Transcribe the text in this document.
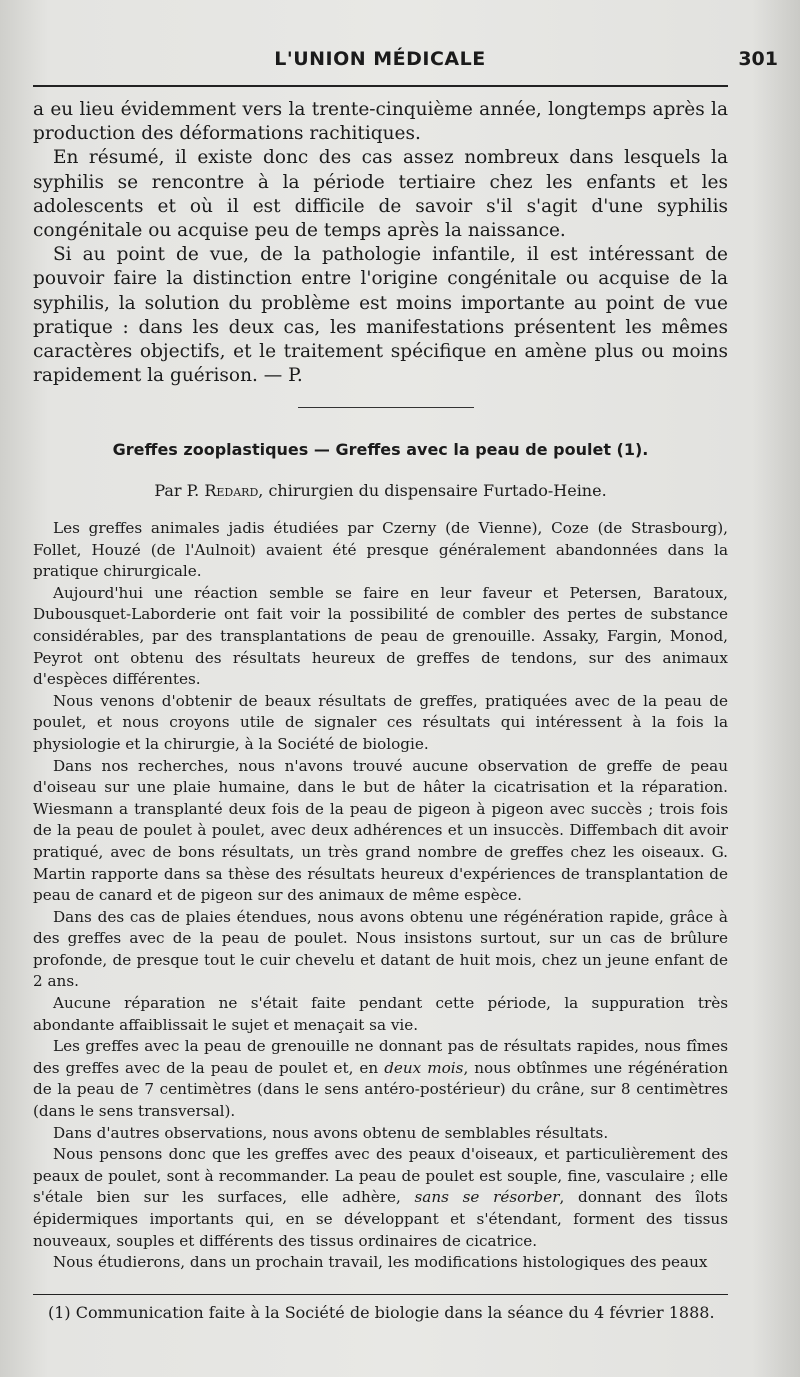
L'UNION MÉDICALE	301

a eu lieu évidemment vers la trente-cinquième année, longtemps après la production des déformations rachitiques.

En résumé, il existe donc des cas assez nombreux dans lesquels la syphilis se rencontre à la période tertiaire chez les enfants et les adolescents et où il est difficile de savoir s'il s'agit d'une syphilis congénitale ou acquise peu de temps après la naissance.

Si au point de vue, de la pathologie infantile, il est intéressant de pouvoir faire la distinction entre l'origine congénitale ou acquise de la syphilis, la solution du problème est moins importante au point de vue pratique : dans les deux cas, les manifestations présentent les mêmes caractères objectifs, et le traitement spécifique en amène plus ou moins rapidement la guérison. — P.

Greffes zooplastiques — Greffes avec la peau de poulet (1).
Par P. Redard, chirurgien du dispensaire Furtado-Heine.

Les greffes animales jadis étudiées par Czerny (de Vienne), Coze (de Strasbourg), Follet, Houzé (de l'Aulnoit) avaient été presque généralement abandonnées dans la pratique chirurgicale.

Aujourd'hui une réaction semble se faire en leur faveur et Petersen, Baratoux, Dubousquet-Laborderie ont fait voir la possibilité de combler des pertes de substance considérables, par des transplantations de peau de grenouille. Assaky, Fargin, Monod, Peyrot ont obtenu des résultats heureux de greffes de tendons, sur des animaux d'espèces différentes.

Nous venons d'obtenir de beaux résultats de greffes, pratiquées avec de la peau de poulet, et nous croyons utile de signaler ces résultats qui intéressent à la fois la physiologie et la chirurgie, à la Société de biologie.

Dans nos recherches, nous n'avons trouvé aucune observation de greffe de peau d'oiseau sur une plaie humaine, dans le but de hâter la cicatrisation et la réparation. Wiesmann a transplanté deux fois de la peau de pigeon à pigeon avec succès ; trois fois de la peau de poulet à poulet, avec deux adhérences et un insuccès. Diffembach dit avoir pratiqué, avec de bons résultats, un très grand nombre de greffes chez les oiseaux. G. Martin rapporte dans sa thèse des résultats heureux d'expériences de transplantation de peau de canard et de pigeon sur des animaux de même espèce.

Dans des cas de plaies étendues, nous avons obtenu une régénération rapide, grâce à des greffes avec de la peau de poulet. Nous insistons surtout, sur un cas de brûlure profonde, de presque tout le cuir chevelu et datant de huit mois, chez un jeune enfant de 2 ans.

Aucune réparation ne s'était faite pendant cette période, la suppuration très abondante affaiblissait le sujet et menaçait sa vie.

Les greffes avec la peau de grenouille ne donnant pas de résultats rapides, nous fîmes des greffes avec de la peau de poulet et, en deux mois, nous obtînmes une régénération de la peau de 7 centimètres (dans le sens antéro-postérieur) du crâne, sur 8 centimètres (dans le sens transversal).

Dans d'autres observations, nous avons obtenu de semblables résultats.

Nous pensons donc que les greffes avec des peaux d'oiseaux, et particulièrement des peaux de poulet, sont à recommander. La peau de poulet est souple, fine, vasculaire ; elle s'étale bien sur les surfaces, elle adhère, sans se résorber, donnant des îlots épidermiques importants qui, en se développant et s'étendant, forment des tissus nouveaux, souples et différents des tissus ordinaires de cicatrice.

Nous étudierons, dans un prochain travail, les modifications histologiques des peaux

(1) Communication faite à la Société de biologie dans la séance du 4 février 1888.
